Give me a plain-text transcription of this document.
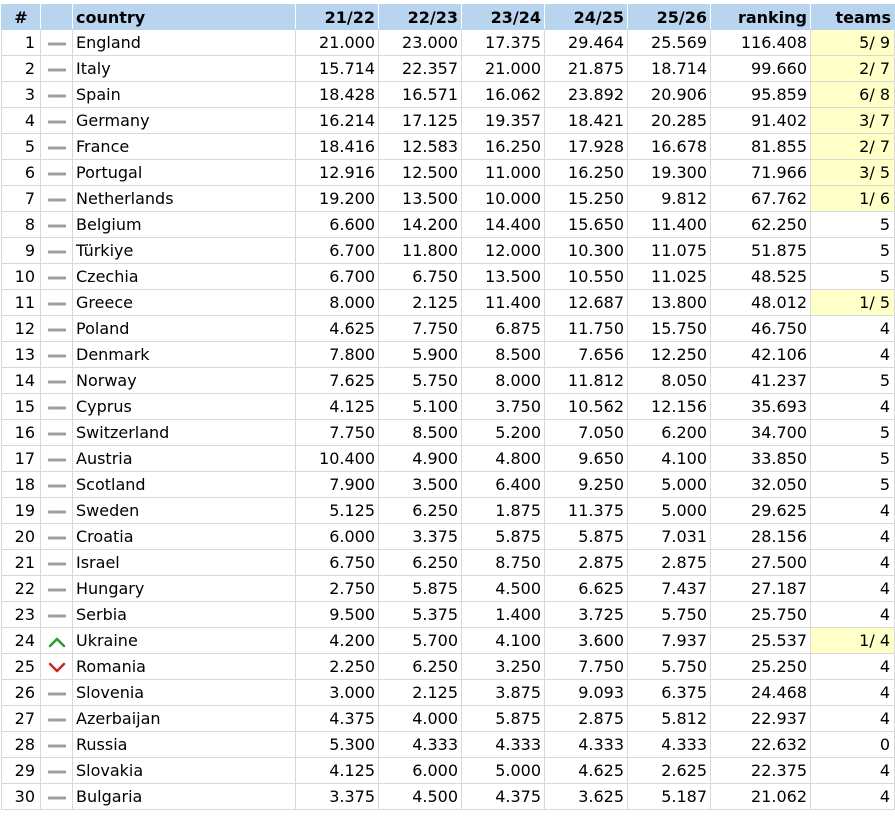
#		country	21/22	22/23	23/24	24/25	25/26	ranking	teams
1		England	21.000	23.000	17.375	29.464	25.569	116.408	5/ 9
2		Italy	15.714	22.357	21.000	21.875	18.714	99.660	2/ 7
3		Spain	18.428	16.571	16.062	23.892	20.906	95.859	6/ 8
4		Germany	16.214	17.125	19.357	18.421	20.285	91.402	3/ 7
5		France	18.416	12.583	16.250	17.928	16.678	81.855	2/ 7
6		Portugal	12.916	12.500	11.000	16.250	19.300	71.966	3/ 5
7		Netherlands	19.200	13.500	10.000	15.250	9.812	67.762	1/ 6
8		Belgium	6.600	14.200	14.400	15.650	11.400	62.250	5
9		Türkiye	6.700	11.800	12.000	10.300	11.075	51.875	5
10		Czechia	6.700	6.750	13.500	10.550	11.025	48.525	5
11		Greece	8.000	2.125	11.400	12.687	13.800	48.012	1/ 5
12		Poland	4.625	7.750	6.875	11.750	15.750	46.750	4
13		Denmark	7.800	5.900	8.500	7.656	12.250	42.106	4
14		Norway	7.625	5.750	8.000	11.812	8.050	41.237	5
15		Cyprus	4.125	5.100	3.750	10.562	12.156	35.693	4
16		Switzerland	7.750	8.500	5.200	7.050	6.200	34.700	5
17		Austria	10.400	4.900	4.800	9.650	4.100	33.850	5
18		Scotland	7.900	3.500	6.400	9.250	5.000	32.050	5
19		Sweden	5.125	6.250	1.875	11.375	5.000	29.625	4
20		Croatia	6.000	3.375	5.875	5.875	7.031	28.156	4
21		Israel	6.750	6.250	8.750	2.875	2.875	27.500	4
22		Hungary	2.750	5.875	4.500	6.625	7.437	27.187	4
23		Serbia	9.500	5.375	1.400	3.725	5.750	25.750	4
24		Ukraine	4.200	5.700	4.100	3.600	7.937	25.537	1/ 4
25		Romania	2.250	6.250	3.250	7.750	5.750	25.250	4
26		Slovenia	3.000	2.125	3.875	9.093	6.375	24.468	4
27		Azerbaijan	4.375	4.000	5.875	2.875	5.812	22.937	4
28		Russia	5.300	4.333	4.333	4.333	4.333	22.632	0
29		Slovakia	4.125	6.000	5.000	4.625	2.625	22.375	4
30		Bulgaria	3.375	4.500	4.375	3.625	5.187	21.062	4
